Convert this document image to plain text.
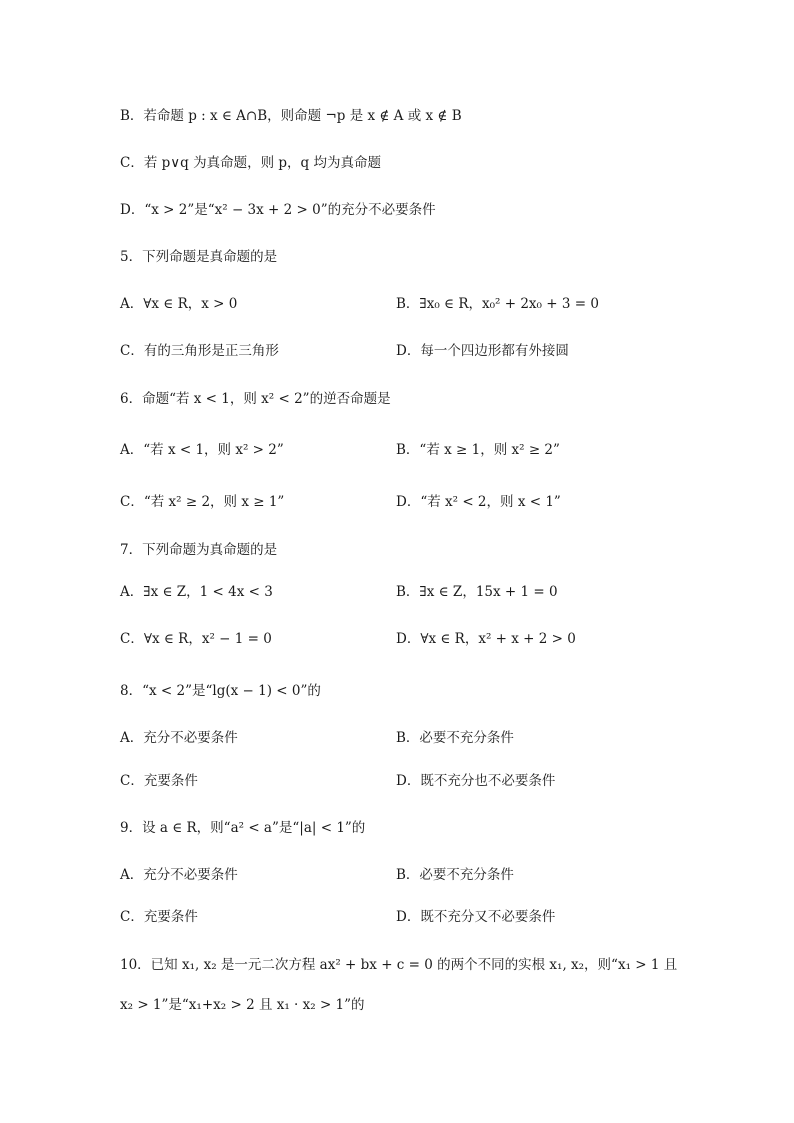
B．若命题 p : x ∈ A∩B，则命题 ¬p 是 x ∉ A 或 x ∉ B
C．若 p∨q 为真命题，则 p，q 均为真命题
D．“x > 2”是“x² − 3x + 2 > 0”的充分不必要条件
5．下列命题是真命题的是
A．∀x ∈ R，x > 0	B．∃x₀ ∈ R，x₀² + 2x₀ + 3 = 0
C．有的三角形是正三角形	D．每一个四边形都有外接圆
6．命题“若 x < 1，则 x² < 2”的逆否命题是
A．“若 x < 1，则 x² > 2”	B．“若 x ≥ 1，则 x² ≥ 2”
C．“若 x² ≥ 2，则 x ≥ 1”	D．“若 x² < 2，则 x < 1”
7．下列命题为真命题的是
A．∃x ∈ Z，1 < 4x < 3	B．∃x ∈ Z，15x + 1 = 0
C．∀x ∈ R，x² − 1 = 0	D．∀x ∈ R，x² + x + 2 > 0
8．“x < 2”是“lg(x − 1) < 0”的
A．充分不必要条件	B．必要不充分条件
C．充要条件	D．既不充分也不必要条件
9．设 a ∈ R，则“a² < a”是“|a| < 1”的
A．充分不必要条件	B．必要不充分条件
C．充要条件	D．既不充分又不必要条件
10．已知 x₁, x₂ 是一元二次方程 ax² + bx + c = 0 的两个不同的实根 x₁, x₂，则“x₁ > 1 且
x₂ > 1”是“x₁+x₂ > 2 且 x₁ · x₂ > 1”的
